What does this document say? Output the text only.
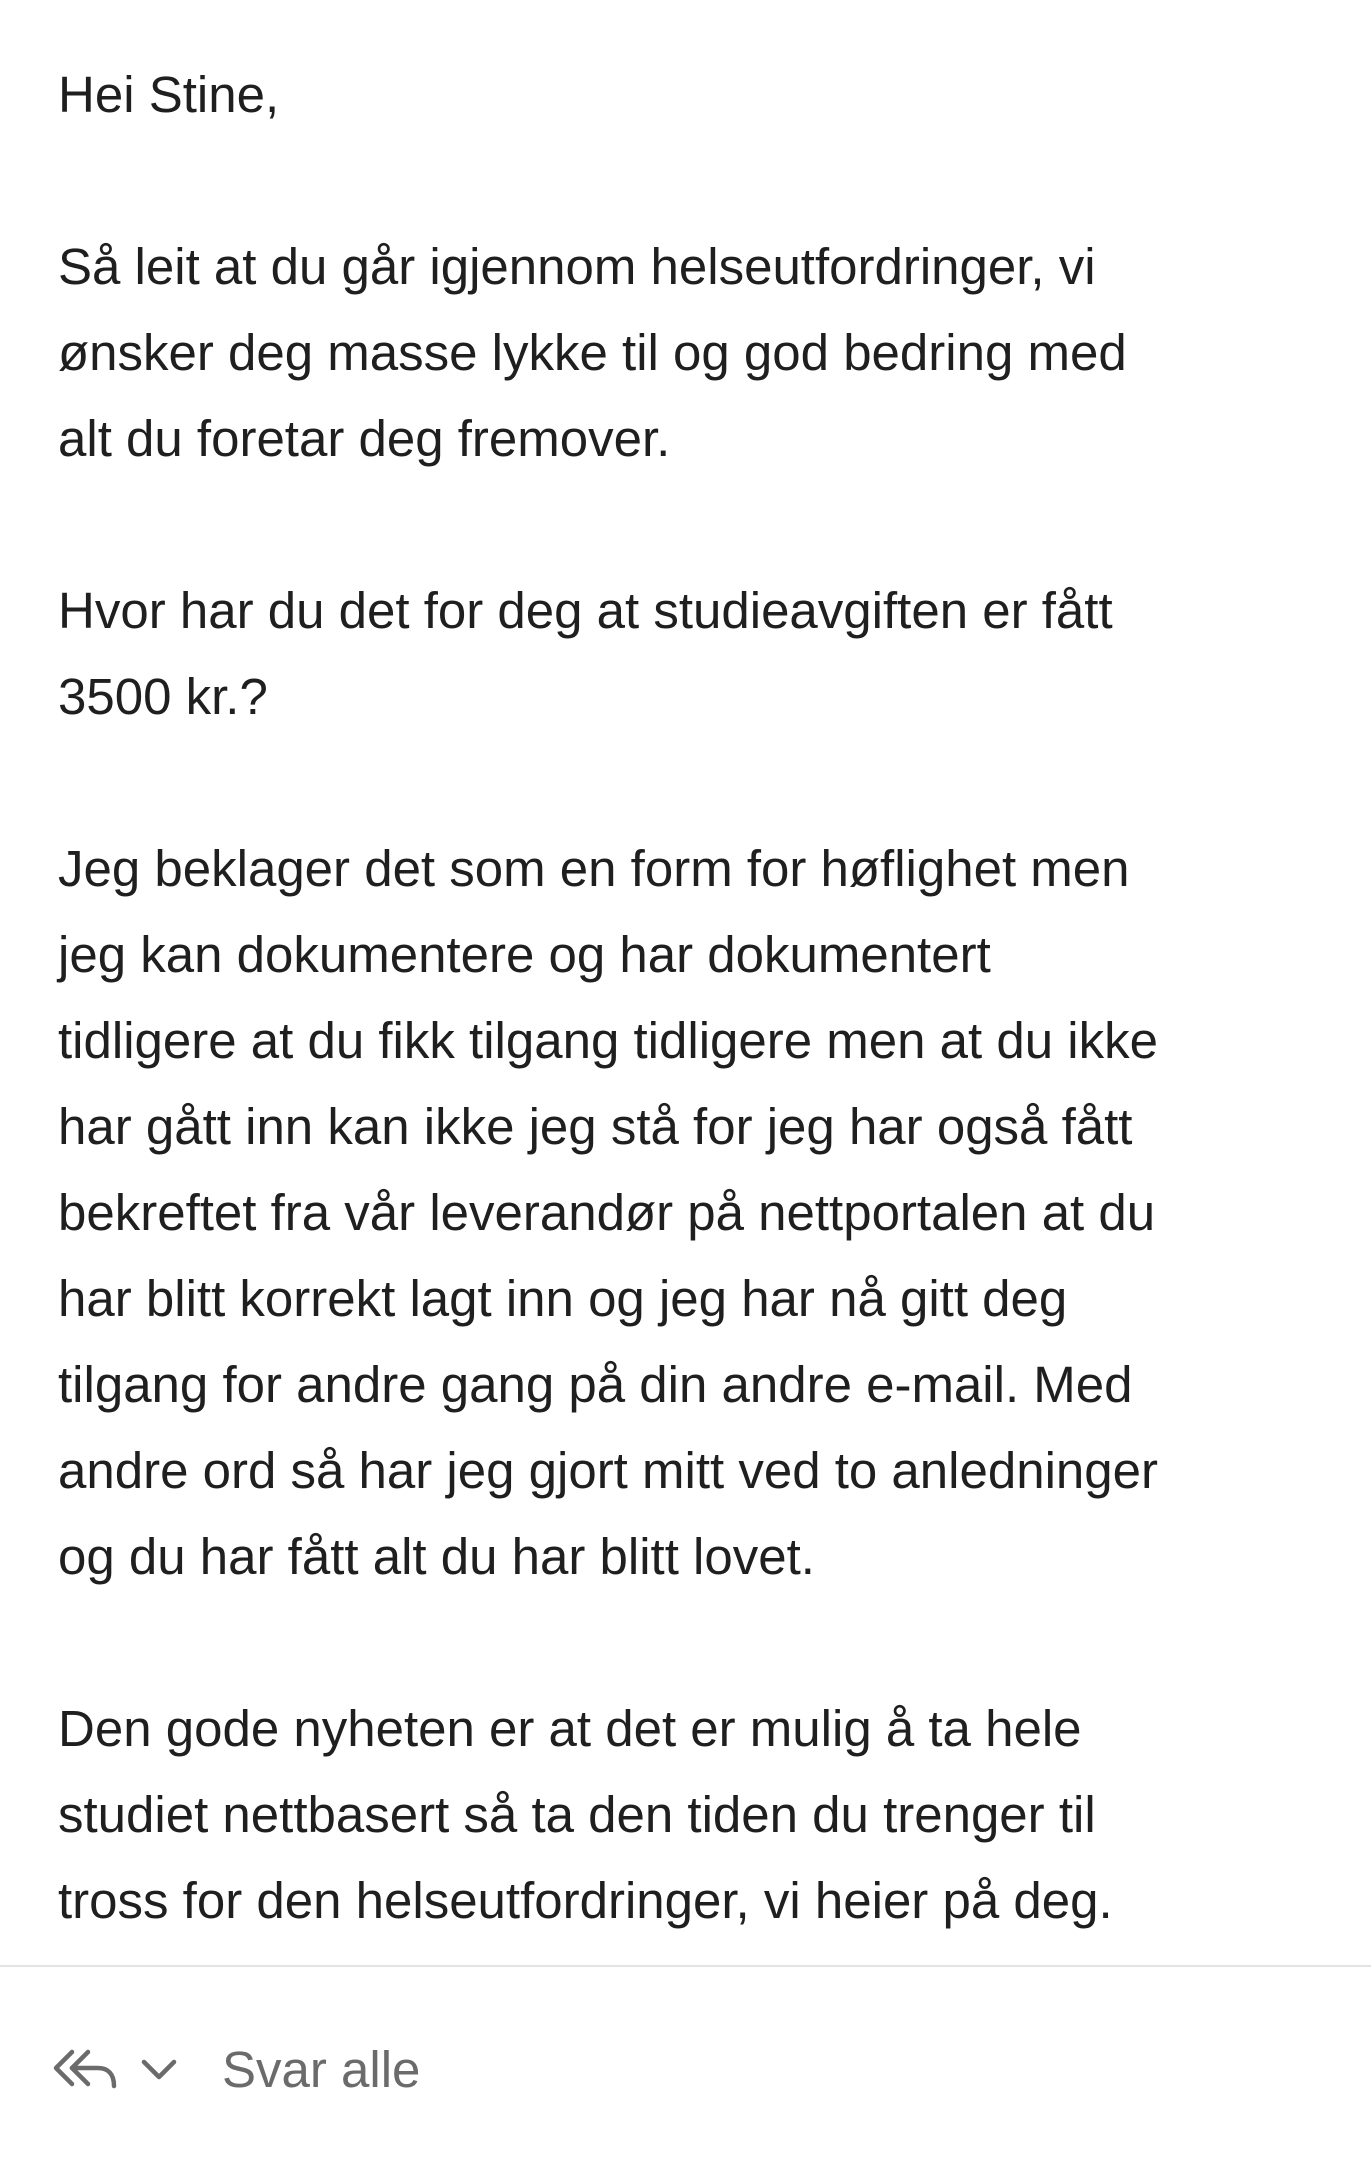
Hei Stine,

Så leit at du går igjennom helseutfordringer, vi
ønsker deg masse lykke til og god bedring med
alt du foretar deg fremover.

Hvor har du det for deg at studieavgiften er fått
3500 kr.?

Jeg beklager det som en form for høflighet men
jeg kan dokumentere og har dokumentert
tidligere at du fikk tilgang tidligere men at du ikke
har gått inn kan ikke jeg stå for jeg har også fått
bekreftet fra vår leverandør på nettportalen at du
har blitt korrekt lagt inn og jeg har nå gitt deg
tilgang for andre gang på din andre e-mail. Med
andre ord så har jeg gjort mitt ved to anledninger
og du har fått alt du har blitt lovet.

Den gode nyheten er at det er mulig å ta hele
studiet nettbasert så ta den tiden du trenger til
tross for den helseutfordringer, vi heier på deg.

Svar alle
